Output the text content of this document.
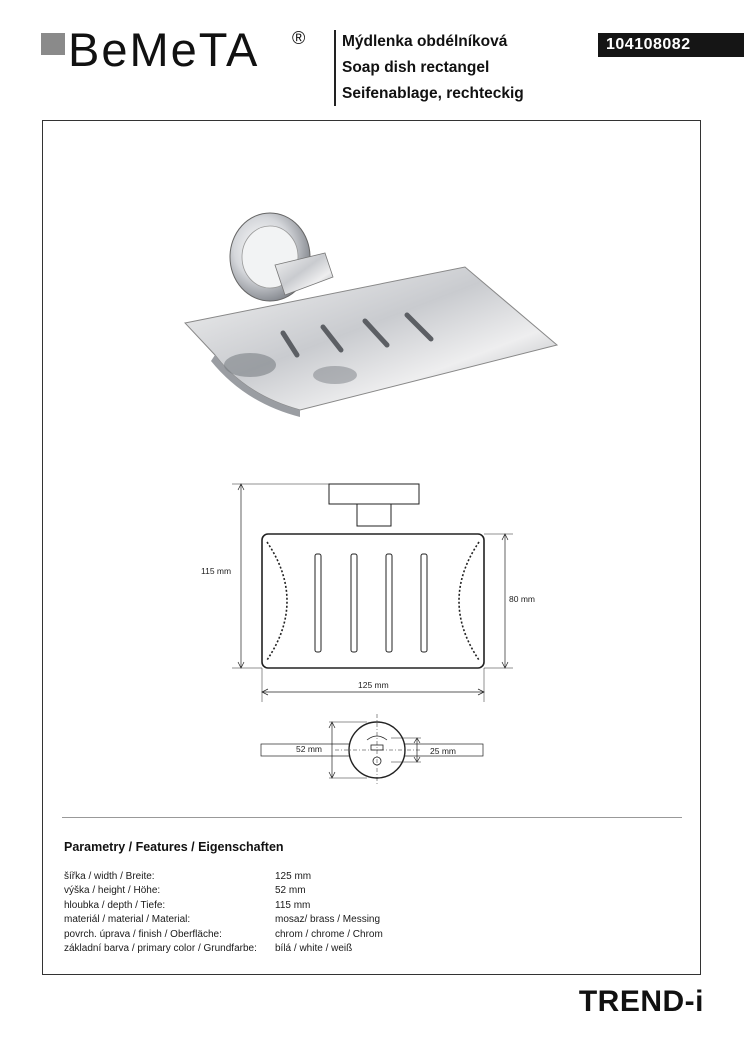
BeMeTA ® Mýdlenka obdélníková
Soap dish rectangel
Seifenablage, rechteckig
104108082
115 mm
80 mm
125 mm
52 mm	25 mm
Parametry / Features / Eigenschaften
šířka / width / Breite:	125 mm
výška / height / Höhe:	52 mm
hloubka / depth / Tiefe:	115 mm
materiál / material / Material:	mosaz/ brass / Messing
povrch. úprava / finish / Oberfläche:	chrom / chrome / Chrom
základní barva / primary color / Grundfarbe:	bílá / white / weiß
TREND-i
